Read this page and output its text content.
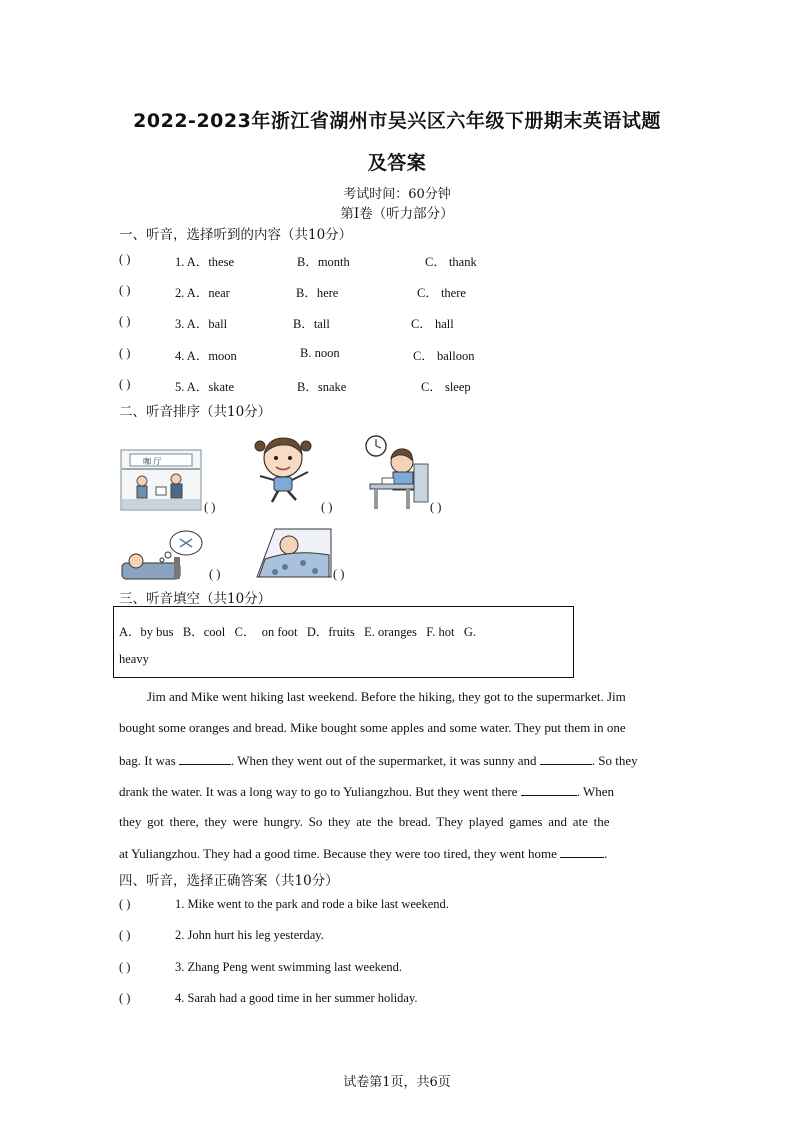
2022-2023年浙江省湖州市吴兴区六年级下册期末英语试题
及答案
考试时间：60分钟
第Ⅰ卷（听力部分）
一、听音，选择听到的内容（共10分）
( )	1. A．these	B．month	C． thank
( )	2. A．near	B．here	C． there
( )	3. A．ball	B．tall	C． hall
( )	4. A．moon	B. noon	C． balloon
( )	5. A．skate	B．snake	C． sleep
二、听音排序（共10分）
咖 厅
( )	( )	( )
( )	( )
三、听音填空（共10分）
A．by bus   B．cool   C．  on foot   D．fruits   E. oranges   F. hot   G.
heavy
Jim and Mike went hiking last weekend. Before the hiking, they got to the supermarket. Jim
bought some oranges and bread. Mike bought some apples and some water. They put them in one
bag. It was	. When they went out of the supermarket, it was sunny and	. So they
drank the water. It was a long way to go to Yuliangzhou. But they went there	. When
they got there, they were hungry. So they ate the bread. They played games and ate the
at Yuliangzhou. They had a good time. Because they were too tired, they went home	.
四、听音，选择正确答案（共10分）
( )	1. Mike went to the park and rode a bike last weekend.
( )	2. John hurt his leg yesterday.
( )	3. Zhang Peng went swimming last weekend.
( )	4. Sarah had a good time in her summer holiday.
试卷第1页，共6页
